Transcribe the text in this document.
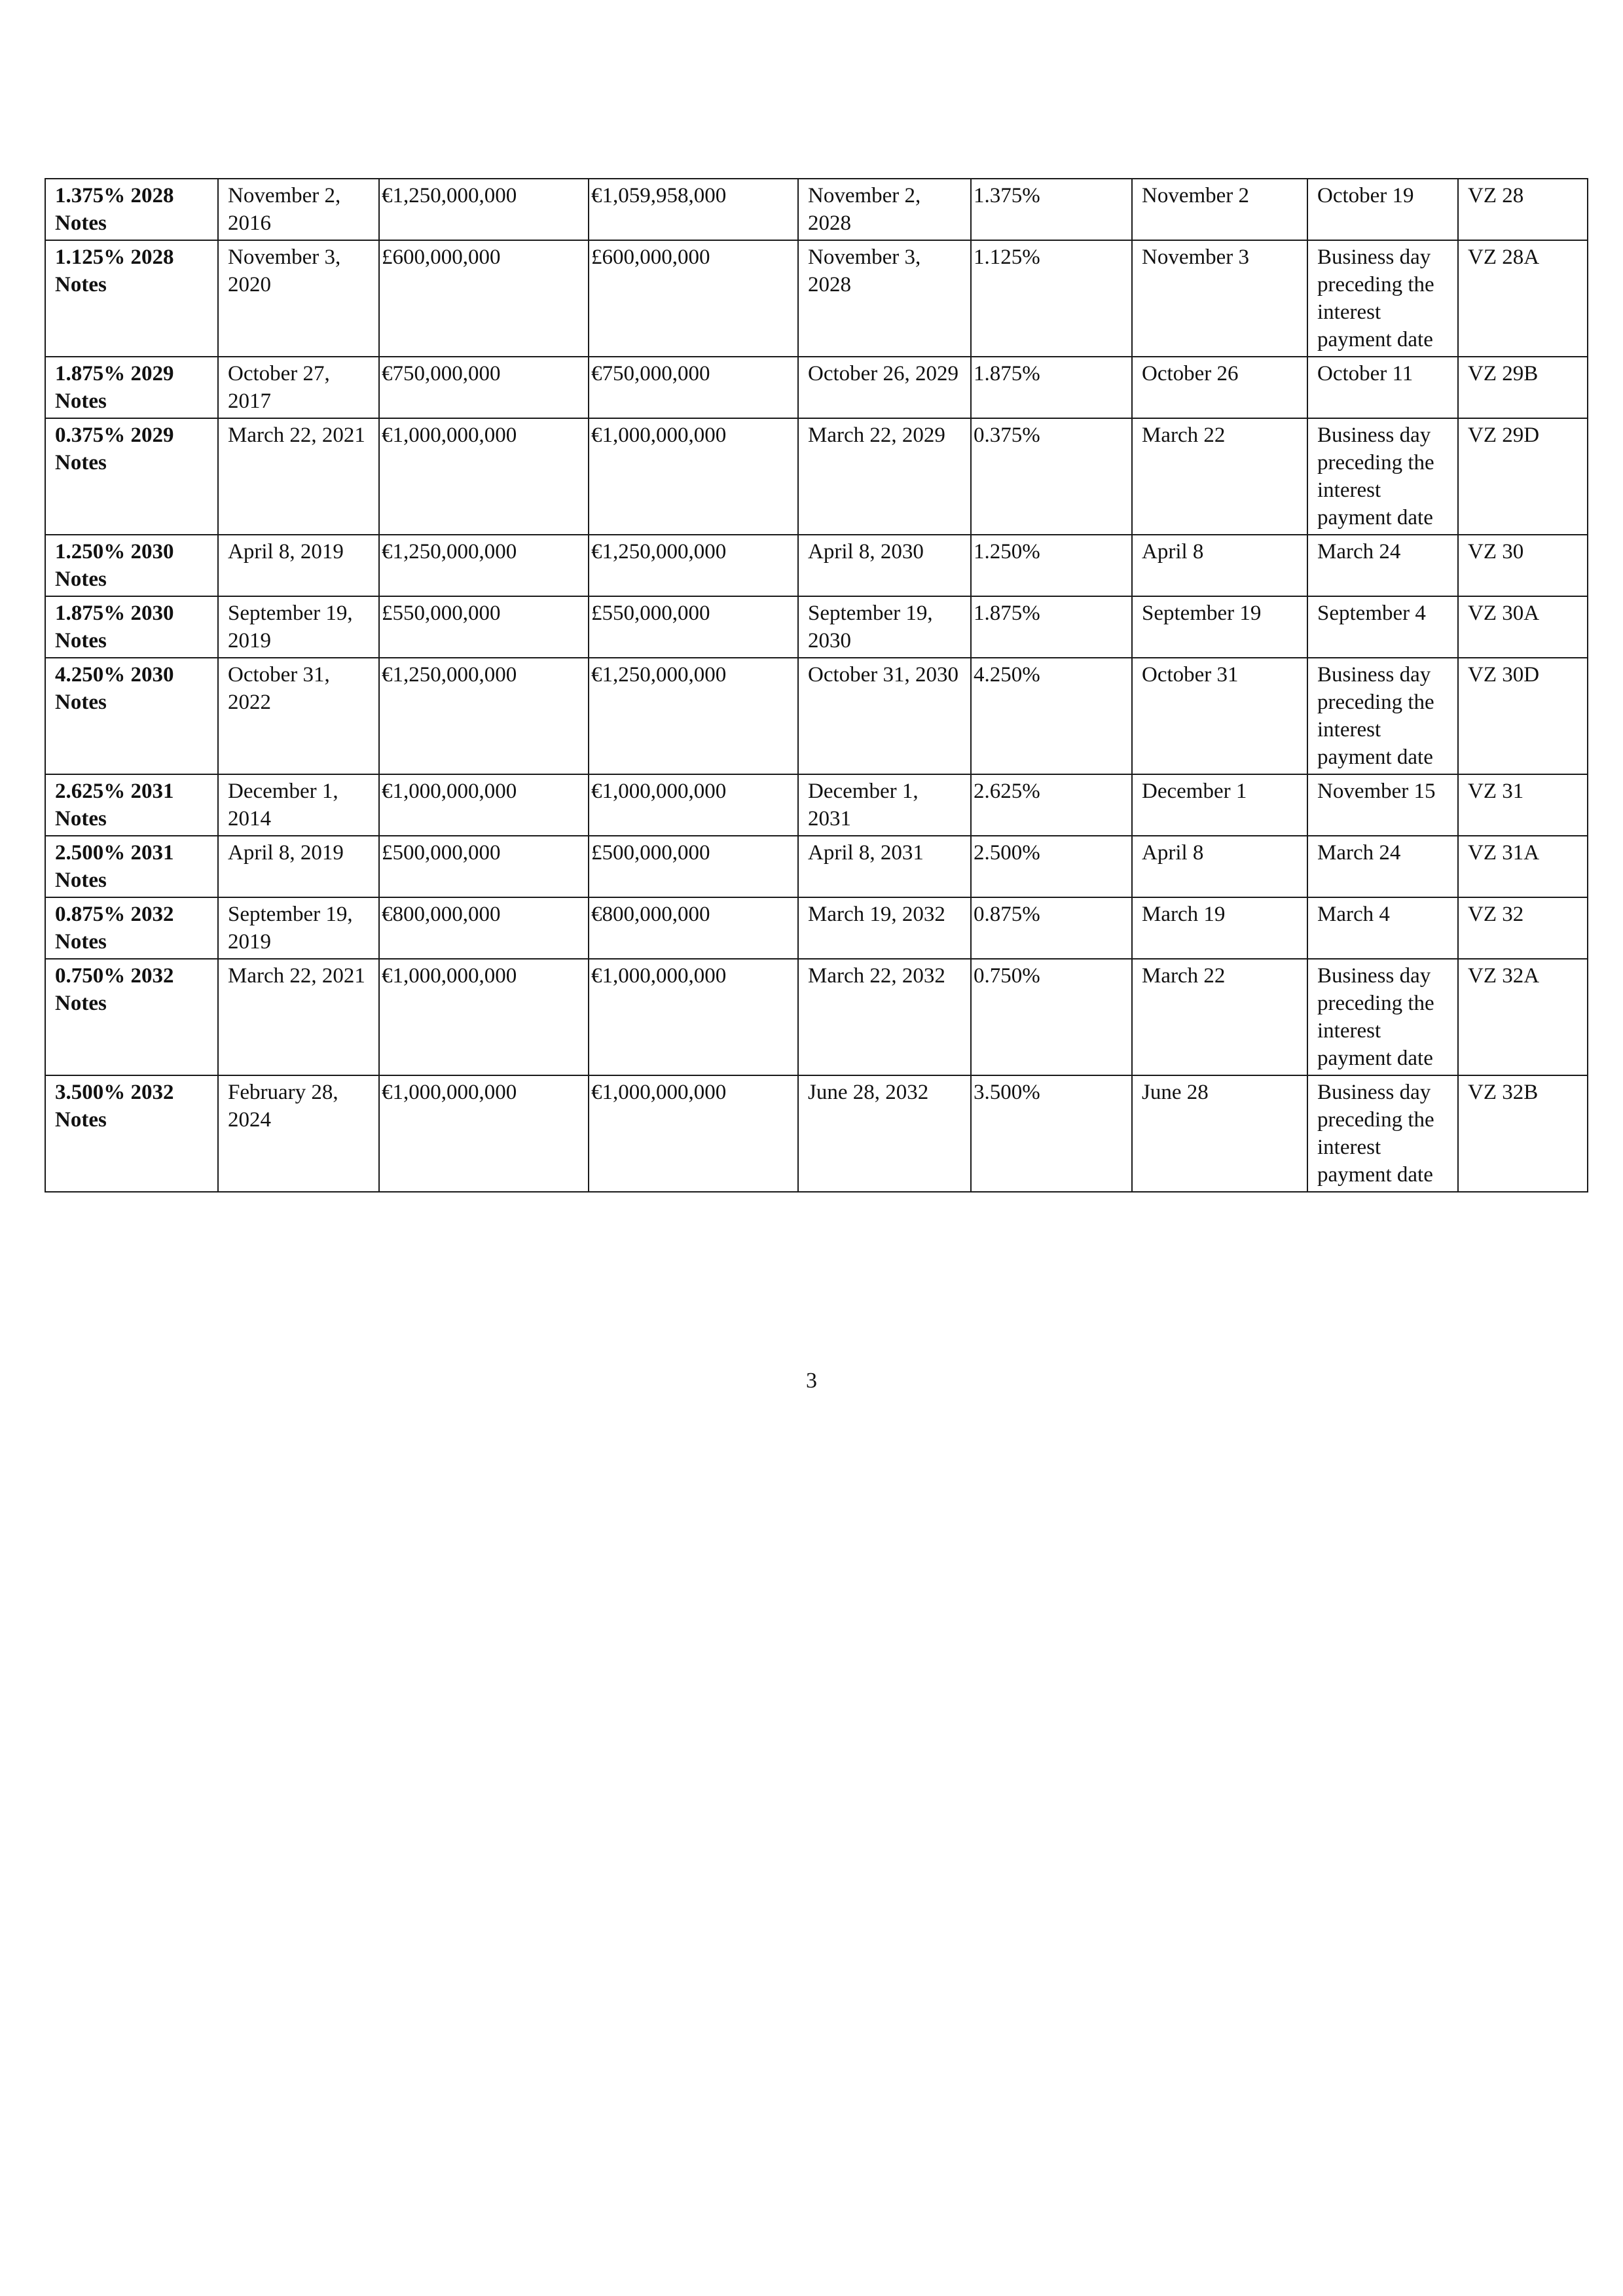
1.375% 2028 Notes	November 2, 2016	€1,250,000,000	€1,059,958,000	November 2, 2028	1.375%	November 2	October 19	VZ 28
1.125% 2028 Notes	November 3, 2020	£600,000,000	£600,000,000	November 3, 2028	1.125%	November 3	Business day preceding the interest payment date	VZ 28A
1.875% 2029 Notes	October 27, 2017	€750,000,000	€750,000,000	October 26, 2029	1.875%	October 26	October 11	VZ 29B
0.375% 2029 Notes	March 22, 2021	€1,000,000,000	€1,000,000,000	March 22, 2029	0.375%	March 22	Business day preceding the interest payment date	VZ 29D
1.250% 2030 Notes	April 8, 2019	€1,250,000,000	€1,250,000,000	April 8, 2030	1.250%	April 8	March 24	VZ 30
1.875% 2030 Notes	September 19, 2019	£550,000,000	£550,000,000	September 19, 2030	1.875%	September 19	September 4	VZ 30A
4.250% 2030 Notes	October 31, 2022	€1,250,000,000	€1,250,000,000	October 31, 2030	4.250%	October 31	Business day preceding the interest payment date	VZ 30D
2.625% 2031 Notes	December 1, 2014	€1,000,000,000	€1,000,000,000	December 1, 2031	2.625%	December 1	November 15	VZ 31
2.500% 2031 Notes	April 8, 2019	£500,000,000	£500,000,000	April 8, 2031	2.500%	April 8	March 24	VZ 31A
0.875% 2032 Notes	September 19, 2019	€800,000,000	€800,000,000	March 19, 2032	0.875%	March 19	March 4	VZ 32
0.750% 2032 Notes	March 22, 2021	€1,000,000,000	€1,000,000,000	March 22, 2032	0.750%	March 22	Business day preceding the interest payment date	VZ 32A
3.500% 2032 Notes	February 28, 2024	€1,000,000,000	€1,000,000,000	June 28, 2032	3.500%	June 28	Business day preceding the interest payment date	VZ 32B
3
